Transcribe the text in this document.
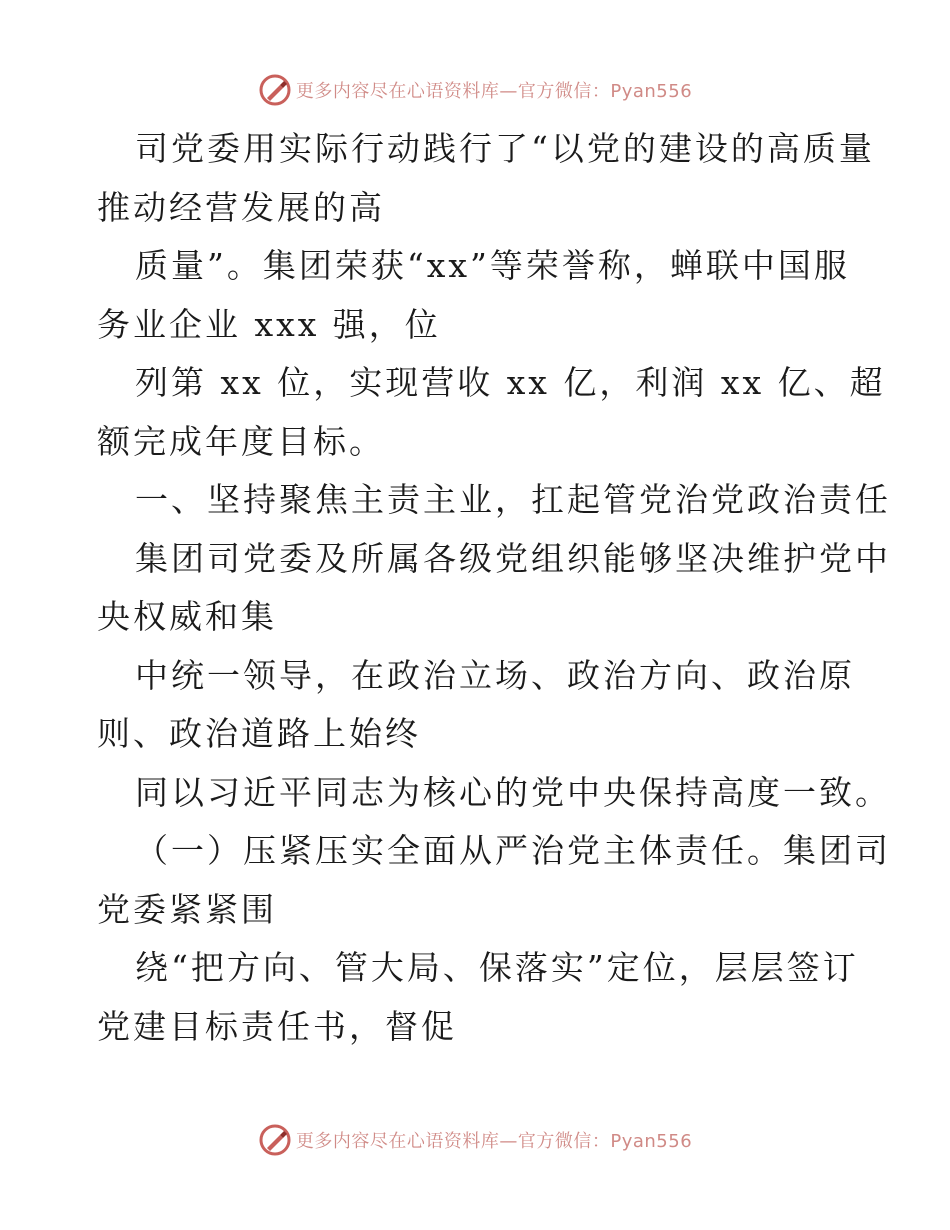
更多内容尽在心语资料库—官方微信：Pyan556
司党委用实际行动践行了“以党的建设的高质量
推动经营发展的高
质量”。集团荣获“xx”等荣誉称，蝉联中国服
务业企业 xxx 强，位
列第 xx 位，实现营收 xx 亿，利润 xx 亿、超
额完成年度目标。
一、坚持聚焦主责主业，扛起管党治党政治责任
集团司党委及所属各级党组织能够坚决维护党中
央权威和集
中统一领导，在政治立场、政治方向、政治原
则、政治道路上始终
同以习近平同志为核心的党中央保持高度一致。
（一）压紧压实全面从严治党主体责任。集团司
党委紧紧围
绕“把方向、管大局、保落实”定位，层层签订
党建目标责任书，督促
更多内容尽在心语资料库—官方微信：Pyan556
